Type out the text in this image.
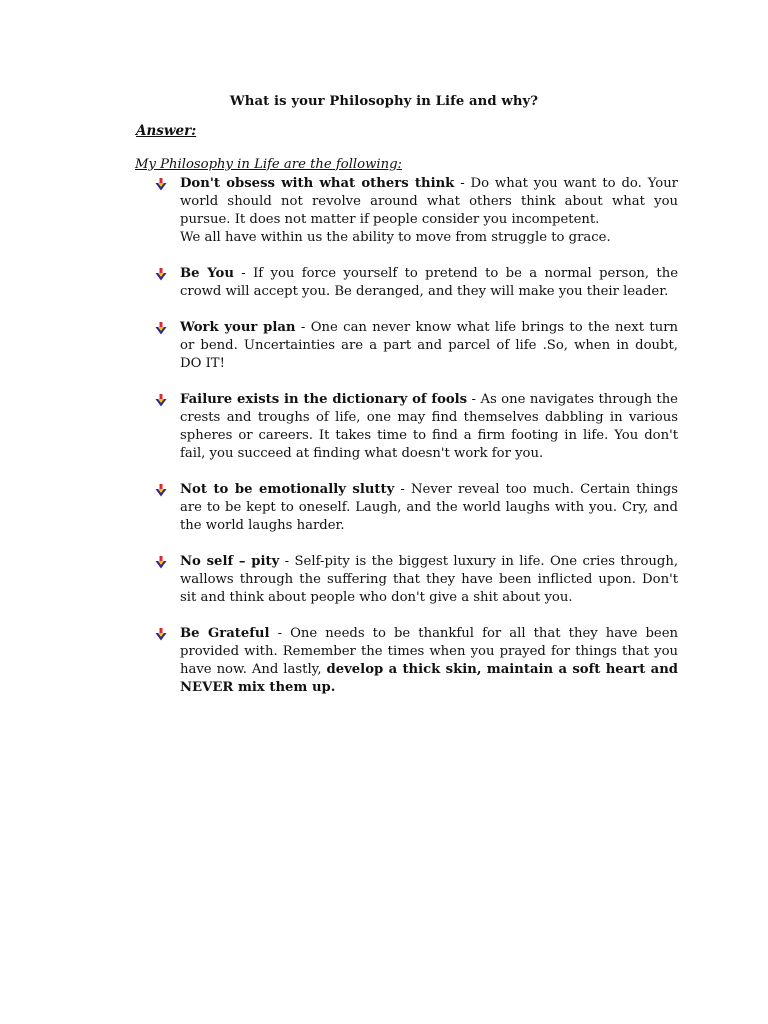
What is your Philosophy in Life and why?
Answer:
My Philosophy in Life are the following:
Don't obsess with what others think - Do what you want to do. Your world should not revolve around what others think about what you pursue. It does not matter if people consider you incompetent.
We all have within us the ability to move from struggle to grace.
Be You - If you force yourself to pretend to be a normal person, the crowd will accept you. Be deranged, and they will make you their leader.
Work your plan - One can never know what life brings to the next turn or bend. Uncertainties are a part and parcel of life .So, when in doubt, DO IT!
Failure exists in the dictionary of fools - As one navigates through the crests and troughs of life, one may find themselves dabbling in various spheres or careers. It takes time to find a firm footing in life. You don't fail, you succeed at finding what doesn't work for you.
Not to be emotionally slutty - Never reveal too much. Certain things are to be kept to oneself. Laugh, and the world laughs with you. Cry, and the world laughs harder.
No self – pity - Self-pity is the biggest luxury in life. One cries through, wallows through the suffering that they have been inflicted upon. Don't sit and think about people who don't give a shit about you.
Be Grateful - One needs to be thankful for all that they have been provided with. Remember the times when you prayed for things that you have now. And lastly, develop a thick skin, maintain a soft heart and NEVER mix them up.
